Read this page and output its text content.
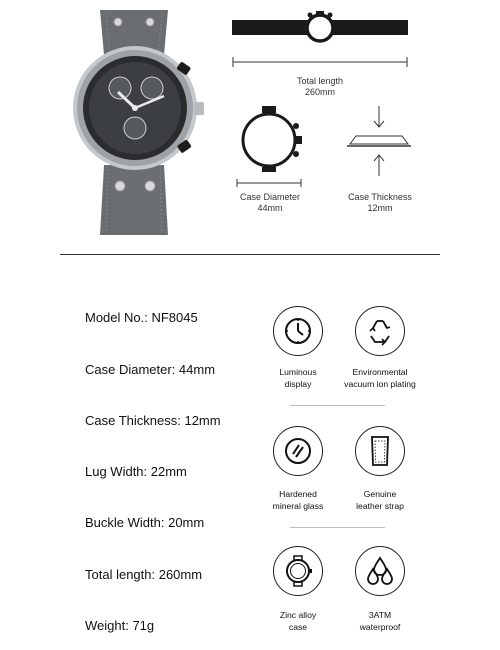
Total length
260mm
Case Diameter
44mm
Case Thickness
12mm
Model No.: NF8045
Case Diameter: 44mm
Case Thickness: 12mm
Lug Width: 22mm
Buckle Width: 20mm
Total length: 260mm
Weight: 71g
Luminous
display
Environmental
vacuum ion plating
Hardened
mineral glass
Genuine
leather strap
Zinc alloy
case
3ATM
waterproof
